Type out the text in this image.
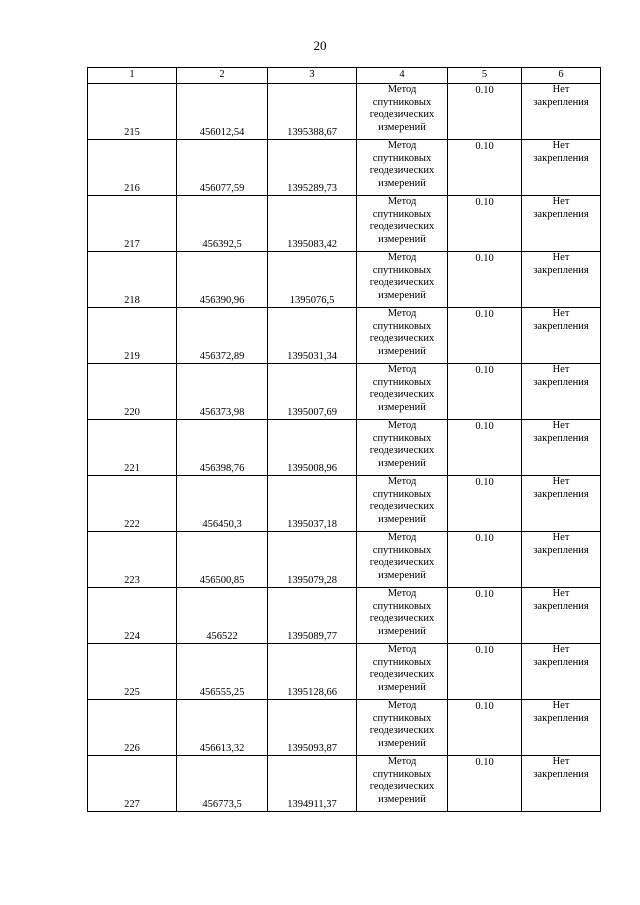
20
1	2	3	4	5	6
215	456012,54	1395388,67	Метод
спутниковых
геодезических
измерений	0.10	Нет
закрепления

216	456077,59	1395289,73	Метод
спутниковых
геодезических
измерений	0.10	Нет
закрепления

217	456392,5	1395083,42	Метод
спутниковых
геодезических
измерений	0.10	Нет
закрепления

218	456390,96	1395076,5	Метод
спутниковых
геодезических
измерений	0.10	Нет
закрепления

219	456372,89	1395031,34	Метод
спутниковых
геодезических
измерений	0.10	Нет
закрепления

220	456373,98	1395007,69	Метод
спутниковых
геодезических
измерений	0.10	Нет
закрепления

221	456398,76	1395008,96	Метод
спутниковых
геодезических
измерений	0.10	Нет
закрепления

222	456450,3	1395037,18	Метод
спутниковых
геодезических
измерений	0.10	Нет
закрепления

223	456500,85	1395079,28	Метод
спутниковых
геодезических
измерений	0.10	Нет
закрепления

224	456522	1395089,77	Метод
спутниковых
геодезических
измерений	0.10	Нет
закрепления

225	456555,25	1395128,66	Метод
спутниковых
геодезических
измерений	0.10	Нет
закрепления

226	456613,32	1395093,87	Метод
спутниковых
геодезических
измерений	0.10	Нет
закрепления

227	456773,5	1394911,37	Метод
спутниковых
геодезических
измерений	0.10	Нет
закрепления
